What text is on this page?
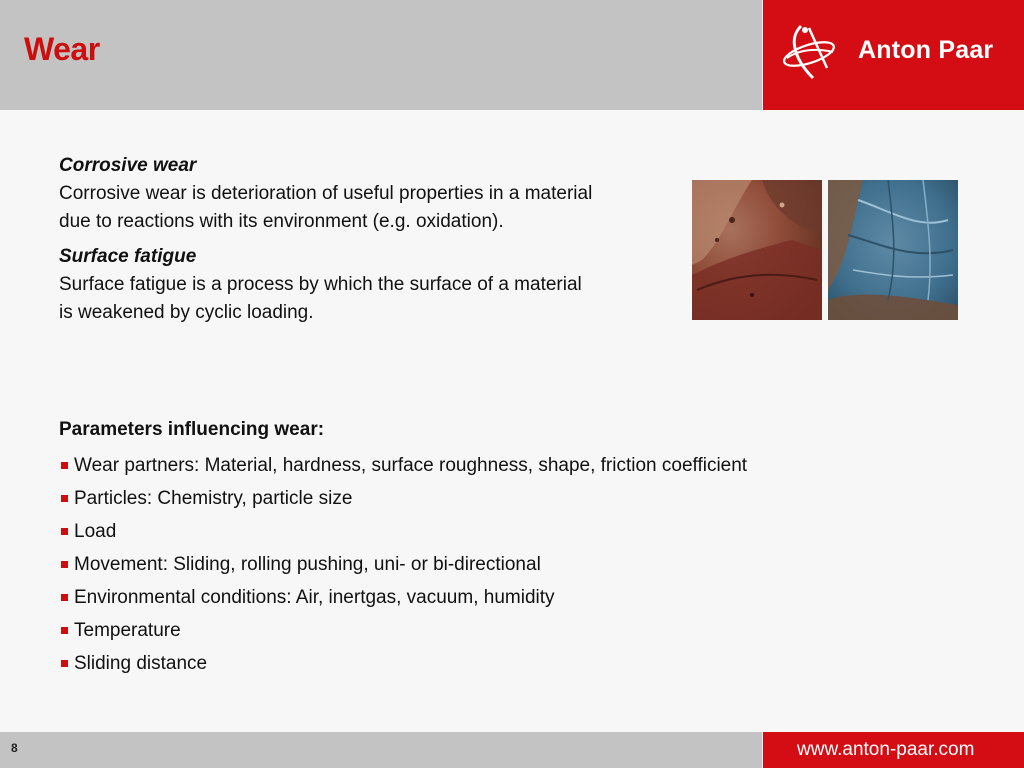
Wear	Anton Paar
Corrosive wear
Corrosive wear is deterioration of useful properties in a material due to reactions with its environment (e.g. oxidation).
Surface fatigue
Surface fatigue is a process by which the surface of a material is weakened by cyclic loading.
Parameters influencing wear:
Wear partners: Material, hardness, surface roughness, shape, friction coefficient
Particles: Chemistry, particle size
Load
Movement: Sliding, rolling pushing, uni- or bi-directional
Environmental conditions: Air, inertgas, vacuum, humidity
Temperature
Sliding distance
8	www.anton-paar.com
